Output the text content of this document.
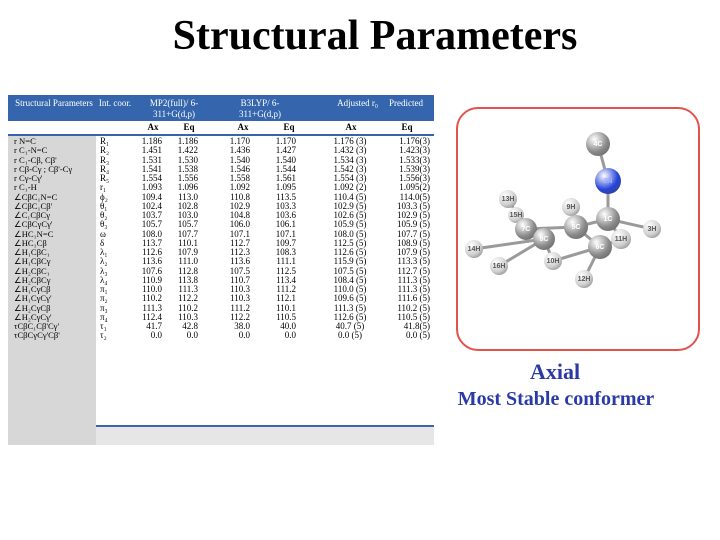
Structural Parameters
Structural Parameters Int. coor.	MP2(full)/ 6-311+G(d,p)
B3LYP/ 6-311+G(d,p)
Adjusted r₀	Predicted
Ax	Eq	Ax	Eq	Ax	Eq
r N=C	R₁	1.186	1.186	1.170	1.170	1.176 (3)	1.176(3)
r C₁-N=C	R₂	1.451	1.422	1.436	1.427	1.432 (3)	1.423(3)
r C₁-Cβ, Cβ'	R₃	1.531	1.530	1.540	1.540	1.534 (3)	1.533(3)
r Cβ-Cγ ; Cβ'-Cγ	R₄	1.541	1.538	1.546	1.544	1.542 (3)	1.539(3)
r Cγ-Cγ'	R₅	1.554	1.556	1.558	1.561	1.554 (3)	1.556(3)
r C₁-H	r₁	1.093	1.096	1.092	1.095	1.092 (2)	1.095(2)
∠CβC₁N=C	ϕ₂	109.4	113.0	110.8	113.5	110.4 (5)	114.0(5)
∠CβC₁Cβ'	θ₁	102.4	102.8	102.9	103.3	102.9 (5)	103.3 (5)
∠C₁CβCγ	θ₂	103.7	103.0	104.8	103.6	102.6 (5)	102.9 (5)
∠CβCγCγ'	θ₃	105.7	105.7	106.0	106.1	105.9 (5)	105.9 (5)
∠HC₁N=C	ω	108.0	107.7	107.1	107.1	108.0 (5)	107.7 (5)
∠HC₁Cβ	δ	113.7	110.1	112.7	109.7	112.5 (5)	108.9 (5)
∠H₁CβC₁	λ₁	112.6	107.9	112.3	108.3	112.6 (5)	107.9 (5)
∠H₁CβCγ	λ₂	113.6	111.0	113.6	111.1	115.9 (5)	113.3 (5)
∠H₂CβC₁	λ₃	107.6	112.8	107.5	112.5	107.5 (5)	112.7 (5)
∠H₂CβCγ	λ₄	110.9	113.8	110.7	113.4	108.4 (5)	111.3 (5)
∠H₁CγCβ	π₁	110.0	111.3	110.3	111.2	110.0 (5)	111.3 (5)
∠H₁CγCγ'	π₂	110.2	112.2	110.3	112.1	109.6 (5)	111.6 (5)
∠H₂CγCβ	π₃	111.3	110.2	111.2	110.1	111.3 (5)	110.2 (5)
∠H₂CγCγ'	π₄	112.4	110.3	112.2	110.5	112.6 (5)	110.5 (5)
τCβC₁Cβ'Cγ'	τ₁	41.7	42.8	38.0	40.0	40.7 (5)	41.8(5)
τCβCγCγ'Cβ'	τ₂	0.0	0.0	0.0	0.0	0.0 (5)	0.0 (5)
4C
2N
1C
13H
15H
9H
5C
7C
8C	11H
3H
6C
14H
10H
16H
12H
Axial
Most Stable conformer
